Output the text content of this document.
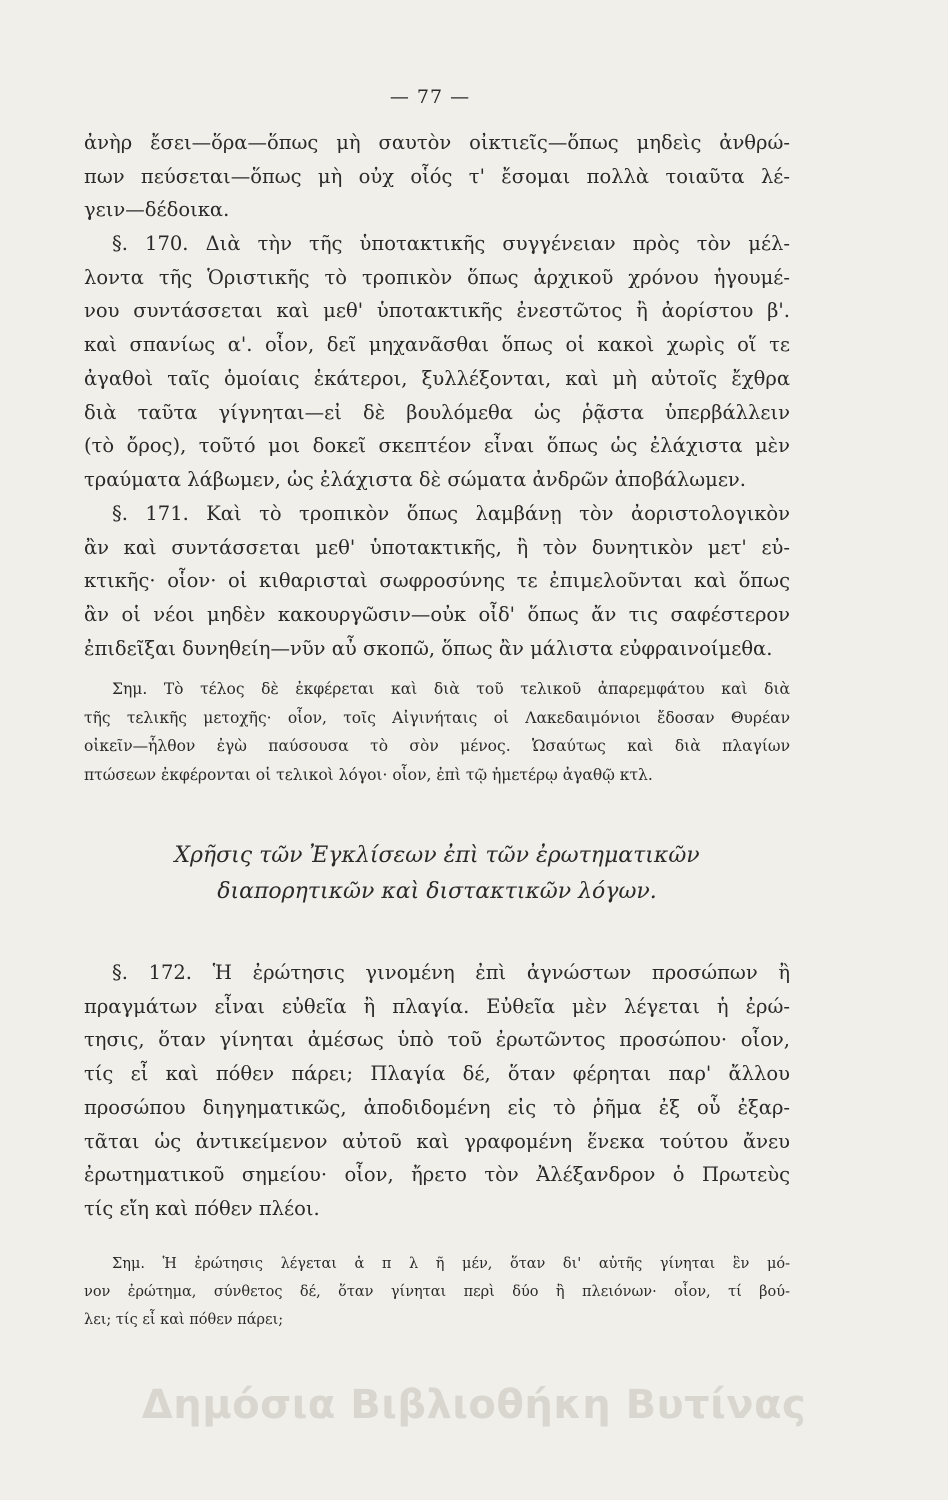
— 77 —
ἀνὴρ ἔσει—ὅρα—ὅπως μὴ σαυτὸν οἰκτιεῖς—ὅπως μηδεὶς ἀνθρώ-
πων πεύσεται—ὅπως μὴ οὐχ οἷός τ' ἔσομαι πολλὰ τοιαῦτα λέ-
γειν—δέδοικα.
§. 170. Διὰ τὴν τῆς ὑποτακτικῆς συγγένειαν πρὸς τὸν μέλ-
λοντα τῆς Ὁριστικῆς τὸ τροπικὸν ὅπως ἀρχικοῦ χρόνου ἡγουμέ-
νου συντάσσεται καὶ μεθ' ὑποτακτικῆς ἐνεστῶτος ἢ ἀορίστου β'.
καὶ σπανίως α'. οἷον, δεῖ μηχανᾶσθαι ὅπως οἱ κακοὶ χωρὶς οἵ τε
ἀγαθοὶ ταῖς ὁμοίαις ἑκάτεροι, ξυλλέξονται, καὶ μὴ αὐτοῖς ἔχθρα
διὰ ταῦτα γίγνηται—εἰ δὲ βουλόμεθα ὡς ῥᾷστα ὑπερβάλλειν
(τὸ ὄρος), τοῦτό μοι δοκεῖ σκεπτέον εἶναι ὅπως ὡς ἐλάχιστα μὲν
τραύματα λάβωμεν, ὡς ἐλάχιστα δὲ σώματα ἀνδρῶν ἀποβάλωμεν.
§. 171. Καὶ τὸ τροπικὸν ὅπως λαμβάνῃ τὸν ἀοριστολογικὸν
ἂν καὶ συντάσσεται μεθ' ὑποτακτικῆς, ἢ τὸν δυνητικὸν μετ' εὐ-
κτικῆς· οἷον· οἱ κιθαρισταὶ σωφροσύνης τε ἐπιμελοῦνται καὶ ὅπως
ἂν οἱ νέοι μηδὲν κακουργῶσιν—οὐκ οἶδ' ὅπως ἄν τις σαφέστερον
ἐπιδεῖξαι δυνηθείη—νῦν αὖ σκοπῶ, ὅπως ἂν μάλιστα εὐφραινοίμεθα.
Σημ. Τὸ τέλος δὲ ἐκφέρεται καὶ διὰ τοῦ τελικοῦ ἀπαρεμφάτου καὶ διὰ
τῆς τελικῆς μετοχῆς· οἷον, τοῖς Αἰγινήταις οἱ Λακεδαιμόνιοι ἔδοσαν Θυρέαν
οἰκεῖν—ἧλθον ἐγὼ παύσουσα τὸ σὸν μένος. Ὡσαύτως καὶ διὰ πλαγίων
πτώσεων ἐκφέρονται οἱ τελικοὶ λόγοι· οἷον, ἐπὶ τῷ ἡμετέρῳ ἀγαθῷ κτλ.
Χρῆσις τῶν Ἐγκλίσεων ἐπὶ τῶν ἐρωτηματικῶν
διαπορητικῶν καὶ διστακτικῶν λόγων.
§. 172. Ἡ ἐρώτησις γινομένη ἐπὶ ἀγνώστων προσώπων ἢ
πραγμάτων εἶναι εὐθεῖα ἢ πλαγία. Εὐθεῖα μὲν λέγεται ἡ ἐρώ-
τησις, ὅταν γίνηται ἀμέσως ὑπὸ τοῦ ἐρωτῶντος προσώπου· οἷον,
τίς εἶ καὶ πόθεν πάρει; Πλαγία δέ, ὅταν φέρηται παρ' ἄλλου
προσώπου διηγηματικῶς, ἀποδιδομένη εἰς τὸ ῥῆμα ἐξ οὗ ἐξαρ-
τᾶται ὡς ἀντικείμενον αὐτοῦ καὶ γραφομένη ἕνεκα τούτου ἄνευ
ἐρωτηματικοῦ σημείου· οἷον, ἤρετο τὸν Ἀλέξανδρον ὁ Πρωτεὺς
τίς εἴη καὶ πόθεν πλέοι.
Σημ. Ἡ ἐρώτησις λέγεται ἁ π λ ῆ μέν, ὅταν δι' αὐτῆς γίνηται ἓν μό-
νον ἐρώτημα, σύνθετος δέ, ὅταν γίνηται περὶ δύο ἢ πλειόνων· οἷον, τί βού-
λει; τίς εἶ καὶ πόθεν πάρει;
Δημόσια Βιβλιοθήκη Βυτίνας
